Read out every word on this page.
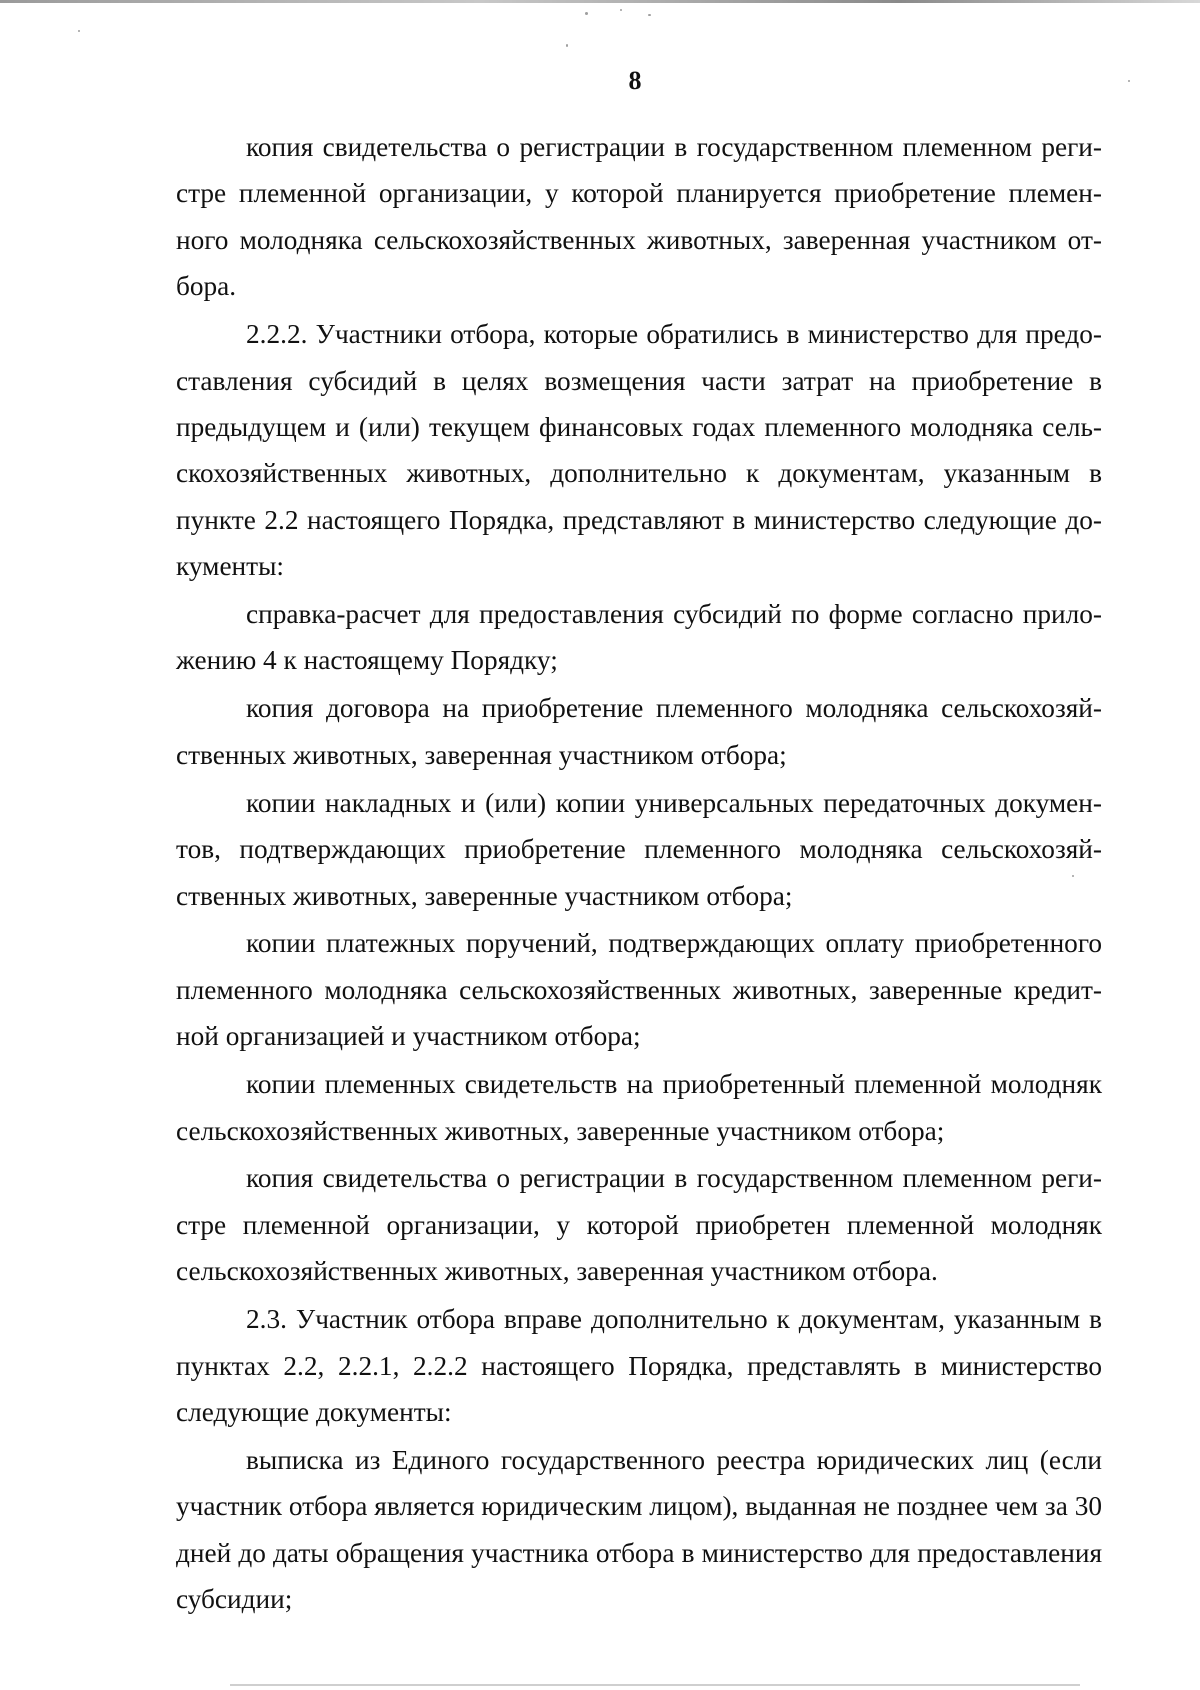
8

копия свидетельства о регистрации в государственном племенном регистре племенной организации, у которой планируется приобретение племенного молодняка сельскохозяйственных животных, заверенная участником отбора.

2.2.2. Участники отбора, которые обратились в министерство для предоставления субсидий в целях возмещения части затрат на приобретение в предыдущем и (или) текущем финансовых годах племенного молодняка сельскохозяйственных животных, дополнительно к документам, указанным в пункте 2.2 настоящего Порядка, представляют в министерство следующие документы:

справка-расчет для предоставления субсидий по форме согласно приложению 4 к настоящему Порядку;

копия договора на приобретение племенного молодняка сельскохозяйственных животных, заверенная участником отбора;

копии накладных и (или) копии универсальных передаточных документов, подтверждающих приобретение племенного молодняка сельскохозяйственных животных, заверенные участником отбора;

копии платежных поручений, подтверждающих оплату приобретенного племенного молодняка сельскохозяйственных животных, заверенные кредитной организацией и участником отбора;

копии племенных свидетельств на приобретенный племенной молодняк сельскохозяйственных животных, заверенные участником отбора;

копия свидетельства о регистрации в государственном племенном регистре племенной организации, у которой приобретен племенной молодняк сельскохозяйственных животных, заверенная участником отбора.

2.3. Участник отбора вправе дополнительно к документам, указанным в пунктах 2.2, 2.2.1, 2.2.2 настоящего Порядка, представлять в министерство следующие документы:

выписка из Единого государственного реестра юридических лиц (если участник отбора является юридическим лицом), выданная не позднее чем за 30 дней до даты обращения участника отбора в министерство для предоставления субсидии;
